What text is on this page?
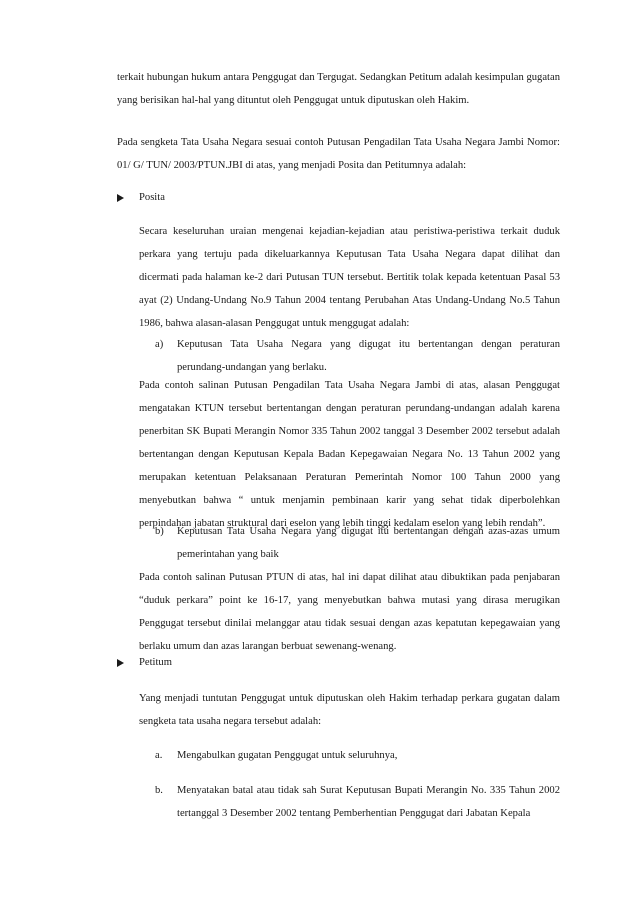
terkait hubungan hukum antara Penggugat dan Tergugat. Sedangkan Petitum adalah kesimpulan gugatan yang berisikan hal-hal yang dituntut oleh Penggugat untuk diputuskan oleh Hakim.

Pada sengketa Tata Usaha Negara sesuai contoh Putusan Pengadilan Tata Usaha Negara Jambi Nomor: 01/ G/ TUN/ 2003/PTUN.JBI di atas, yang menjadi Posita dan Petitumnya adalah:

Posita

Secara keseluruhan uraian mengenai kejadian-kejadian atau peristiwa-peristiwa terkait duduk perkara yang tertuju pada dikeluarkannya Keputusan Tata Usaha Negara dapat dilihat dan dicermati pada halaman ke-2 dari Putusan TUN tersebut. Bertitik tolak kepada ketentuan Pasal 53 ayat (2) Undang-Undang No.9 Tahun 2004 tentang Perubahan Atas Undang-Undang No.5 Tahun 1986, bahwa alasan-alasan Penggugat untuk menggugat adalah:

a)	Keputusan Tata Usaha Negara yang digugat itu bertentangan dengan peraturan perundang-undangan yang berlaku.

Pada contoh salinan Putusan Pengadilan Tata Usaha Negara Jambi di atas, alasan Penggugat mengatakan KTUN tersebut bertentangan dengan peraturan perundang-undangan adalah karena penerbitan SK Bupati Merangin Nomor 335 Tahun 2002 tanggal 3 Desember 2002 tersebut adalah bertentangan dengan Keputusan Kepala Badan Kepegawaian Negara No. 13 Tahun 2002 yang merupakan ketentuan Pelaksanaan Peraturan Pemerintah Nomor 100 Tahun 2000 yang menyebutkan bahwa “ untuk menjamin pembinaan karir yang sehat tidak diperbolehkan perpindahan jabatan struktural dari eselon yang lebih tinggi kedalam eselon yang lebih rendah”.

b)	Keputusan Tata Usaha Negara yang digugat itu bertentangan dengan azas-azas umum pemerintahan yang baik

Pada contoh salinan Putusan PTUN di atas, hal ini dapat dilihat atau dibuktikan pada penjabaran “duduk perkara” point ke 16-17, yang menyebutkan bahwa mutasi yang dirasa merugikan Penggugat tersebut dinilai melanggar atau tidak sesuai dengan azas kepatutan kepegawaian yang berlaku umum dan azas larangan berbuat sewenang-wenang.

Petitum

Yang menjadi tuntutan Penggugat untuk diputuskan oleh Hakim terhadap perkara gugatan dalam sengketa tata usaha negara tersebut adalah:

a.	Mengabulkan gugatan Penggugat untuk seluruhnya,
b.	Menyatakan batal atau tidak sah Surat Keputusan Bupati Merangin No. 335 Tahun 2002 tertanggal 3 Desember 2002 tentang Pemberhentian Penggugat dari Jabatan Kepala
